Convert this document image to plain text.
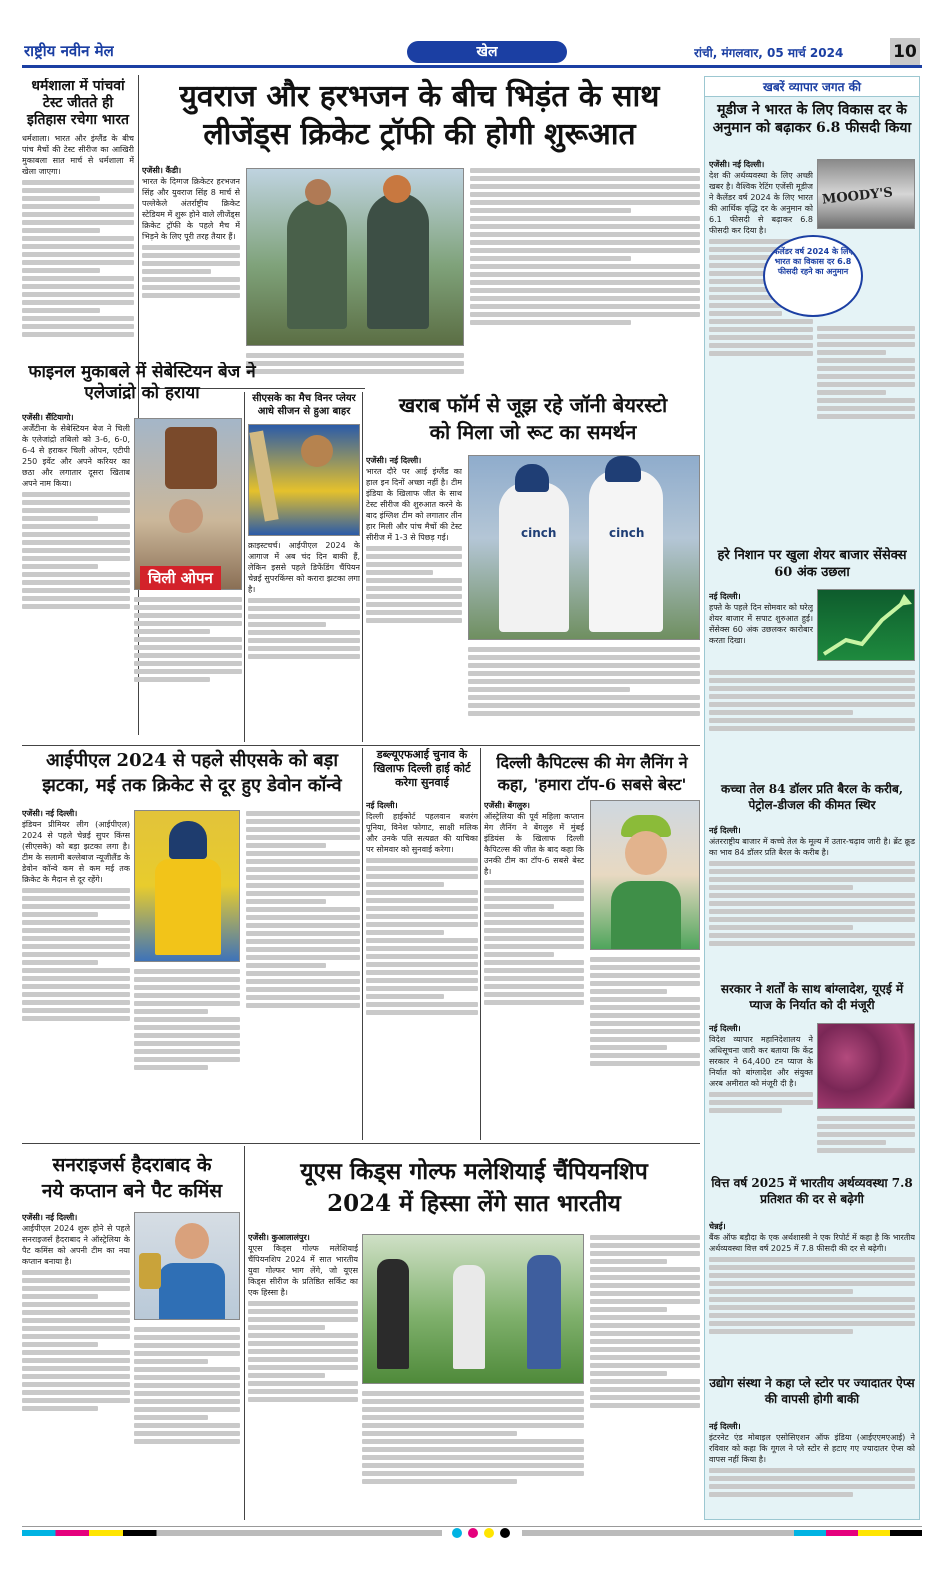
राष्ट्रीय नवीन मेल	खेल	रांची, मंगलवार, 05 मार्च 2024	10
धर्मशाला में पांचवां टेस्ट जीतते ही इतिहास रचेगा भारत
धर्मशाला। भारत और इंग्लैंड के बीच पांच मैचों की टेस्ट सीरीज का आखिरी मुकाबला सात मार्च से धर्मशाला में खेला जाएगा।
युवराज और हरभजन के बीच भिड़ंत के साथ
लीजेंड्स क्रिकेट ट्रॉफी की होगी शुरूआत
एजेंसी। कैंडी।
भारत के दिग्गज क्रिकेटर हरभजन सिंह और युवराज सिंह 8 मार्च से पल्लेकेले अंतर्राष्ट्रीय क्रिकेट स्टेडियम में शुरू होने वाले लीजेंड्स क्रिकेट ट्रॉफी के पहले मैच में भिड़ने के लिए पूरी तरह तैयार हैं।
फाइनल मुकाबले में सेबेस्टियन बेज ने एलेजांद्रो को हराया
एजेंसी। सैंटियागो।
अर्जेंटीना के सेबेस्टियन बेज ने चिली के एलेजांद्रो तबिलो को 3-6, 6-0, 6-4 से हराकर चिली ओपन, एटीपी 250 इवेंट और अपने करियर का छठा और लगातार दूसरा खिताब अपने नाम किया।
चिली ओपन
सीएसके का मैच विनर प्लेयर आधे सीजन से हुआ बाहर
क्राइस्टचर्च। आईपीएल 2024 के आगाज में अब चंद दिन बाकी हैं, लेकिन इससे पहले डिफेंडिंग चैंपियन चेन्नई सुपरकिंग्स को करारा झटका लगा है।
खराब फॉर्म से जूझ रहे जॉनी बेयरस्टो
को मिला जो रूट का समर्थन
एजेंसी। नई दिल्ली।
भारत दौरे पर आई इंग्लैंड का हाल इन दिनों अच्छा नहीं है। टीम इंडिया के खिलाफ जीत के साथ टेस्ट सीरीज की शुरुआत करने के बाद इंग्लिश टीम को लगातार तीन हार मिली और पांच मैचों की टेस्ट सीरीज में 1-3 से पिछड़ गई।	cinch	cinch
आईपीएल 2024 से पहले सीएसके को बड़ा
झटका, मई तक क्रिकेट से दूर हुए डेवोन कॉन्वे
एजेंसी। नई दिल्ली।
इंडियन प्रीमियर लीग (आईपीएल) 2024 से पहले चेन्नई सुपर किंग्स (सीएसके) को बड़ा झटका लगा है। टीम के सलामी बल्लेबाज न्यूजीलैंड के डेवोन कॉन्वे कम से कम मई तक क्रिकेट के मैदान से दूर रहेंगे।
डब्ल्यूएफआई चुनाव के खिलाफ दिल्ली हाई कोर्ट करेगा सुनवाई
नई दिल्ली।
दिल्ली हाईकोर्ट पहलवान बजरंग पूनिया, विनेश फोगाट, साक्षी मलिक और उनके पति सत्यव्रत की याचिका पर सोमवार को सुनवाई करेगा।
दिल्ली कैपिटल्स की मेग लैनिंग ने
कहा, 'हमारा टॉप-6 सबसे बेस्ट'
एजेंसी। बेंगलुरु।
ऑस्ट्रेलिया की पूर्व महिला कप्तान मेग लैनिंग ने बेंगलुरु में मुंबई इंडियंस के खिलाफ दिल्ली कैपिटल्स की जीत के बाद कहा कि उनकी टीम का टॉप-6 सबसे बेस्ट है।
सनराइजर्स हैदराबाद के
नये कप्तान बने पैट कमिंस
एजेंसी। नई दिल्ली।
आईपीएल 2024 शुरू होने से पहले सनराइजर्स हैदराबाद ने ऑस्ट्रेलिया के पैट कमिंस को अपनी टीम का नया कप्तान बनाया है।
यूएस किड्स गोल्फ मलेशियाई चैंपियनशिप
2024 में हिस्सा लेंगे सात भारतीय
एजेंसी। कुआलालंपुर।
यूएस किड्स गोल्फ मलेशियाई चैंपियनशिप 2024 में सात भारतीय युवा गोल्फर भाग लेंगे, जो यूएस किड्स सीरीज के प्रतिष्ठित सर्किट का एक हिस्सा है।
खबरें व्यापार जगत की
मूडीज ने भारत के लिए विकास दर के अनुमान को बढ़ाकर 6.8 फीसदी किया
एजेंसी। नई दिल्ली।
देश की अर्थव्यवस्था के लिए अच्छी खबर है। वैश्विक रेटिंग एजेंसी मूडीज ने कैलेंडर वर्ष 2024 के लिए भारत की आर्थिक वृद्धि दर के अनुमान को 6.1 फीसदी से बढ़ाकर 6.8 फीसदी कर दिया है।
MOODY'S
कैलेंडर वर्ष 2024 के लिए भारत का विकास दर 6.8 फीसदी रहने का अनुमान
हरे निशान पर खुला शेयर बाजार सेंसेक्स 60 अंक उछला
नई दिल्ली।
हफ्ते के पहले दिन सोमवार को घरेलू शेयर बाजार में सपाट शुरुआत हुई। सेंसेक्स 60 अंक उछलकर कारोबार करता दिखा।
कच्चा तेल 84 डॉलर प्रति बैरल के करीब, पेट्रोल-डीजल की कीमत स्थिर
नई दिल्ली।
अंतरराष्ट्रीय बाजार में कच्चे तेल के मूल्य में उतार-चढ़ाव जारी है। ब्रेंट क्रूड का भाव 84 डॉलर प्रति बैरल के करीब है।
सरकार ने शर्तों के साथ बांग्लादेश, यूएई में प्याज के निर्यात को दी मंजूरी
नई दिल्ली।
विदेश व्यापार महानिदेशालय ने अधिसूचना जारी कर बताया कि केंद्र सरकार ने 64,400 टन प्याज के निर्यात को बांग्लादेश और संयुक्त अरब अमीरात को मंजूरी दी है।
वित्त वर्ष 2025 में भारतीय अर्थव्यवस्था 7.8 प्रतिशत की दर से बढ़ेगी
चेन्नई।
बैंक ऑफ बड़ौदा के एक अर्थशास्त्री ने एक रिपोर्ट में कहा है कि भारतीय अर्थव्यवस्था वित्त वर्ष 2025 में 7.8 फीसदी की दर से बढ़ेगी।
उद्योग संस्था ने कहा प्ले स्टोर पर ज्यादातर ऐप्स की वापसी होगी बाकी
नई दिल्ली।
इंटरनेट एंड मोबाइल एसोसिएशन ऑफ इंडिया (आईएएमएआई) ने रविवार को कहा कि गूगल ने प्ले स्टोर से हटाए गए ज्यादातर ऐप्स को वापस नहीं किया है।
